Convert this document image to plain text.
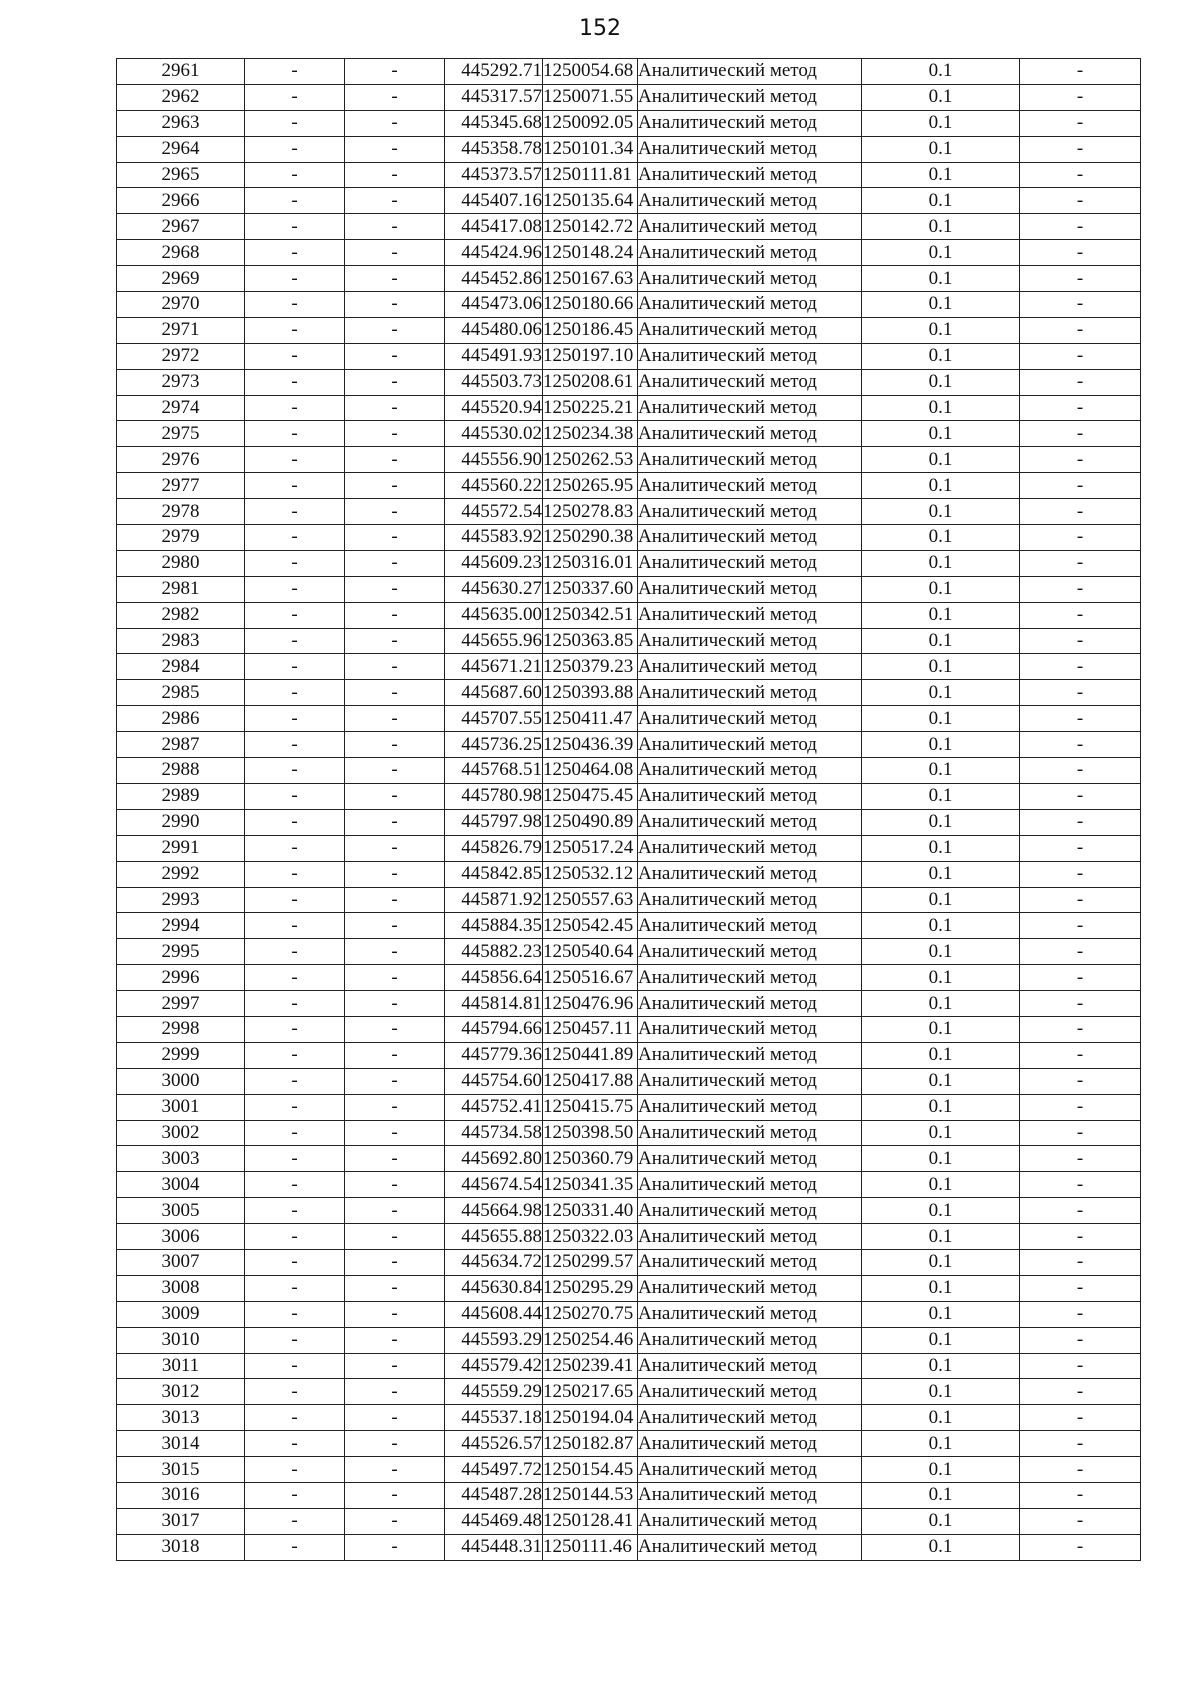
152
2961	-	-	445292.71	1250054.68	Аналитический метод	0.1	-
2962	-	-	445317.57	1250071.55	Аналитический метод	0.1	-
2963	-	-	445345.68	1250092.05	Аналитический метод	0.1	-
2964	-	-	445358.78	1250101.34	Аналитический метод	0.1	-
2965	-	-	445373.57	1250111.81	Аналитический метод	0.1	-
2966	-	-	445407.16	1250135.64	Аналитический метод	0.1	-
2967	-	-	445417.08	1250142.72	Аналитический метод	0.1	-
2968	-	-	445424.96	1250148.24	Аналитический метод	0.1	-
2969	-	-	445452.86	1250167.63	Аналитический метод	0.1	-
2970	-	-	445473.06	1250180.66	Аналитический метод	0.1	-
2971	-	-	445480.06	1250186.45	Аналитический метод	0.1	-
2972	-	-	445491.93	1250197.10	Аналитический метод	0.1	-
2973	-	-	445503.73	1250208.61	Аналитический метод	0.1	-
2974	-	-	445520.94	1250225.21	Аналитический метод	0.1	-
2975	-	-	445530.02	1250234.38	Аналитический метод	0.1	-
2976	-	-	445556.90	1250262.53	Аналитический метод	0.1	-
2977	-	-	445560.22	1250265.95	Аналитический метод	0.1	-
2978	-	-	445572.54	1250278.83	Аналитический метод	0.1	-
2979	-	-	445583.92	1250290.38	Аналитический метод	0.1	-
2980	-	-	445609.23	1250316.01	Аналитический метод	0.1	-
2981	-	-	445630.27	1250337.60	Аналитический метод	0.1	-
2982	-	-	445635.00	1250342.51	Аналитический метод	0.1	-
2983	-	-	445655.96	1250363.85	Аналитический метод	0.1	-
2984	-	-	445671.21	1250379.23	Аналитический метод	0.1	-
2985	-	-	445687.60	1250393.88	Аналитический метод	0.1	-
2986	-	-	445707.55	1250411.47	Аналитический метод	0.1	-
2987	-	-	445736.25	1250436.39	Аналитический метод	0.1	-
2988	-	-	445768.51	1250464.08	Аналитический метод	0.1	-
2989	-	-	445780.98	1250475.45	Аналитический метод	0.1	-
2990	-	-	445797.98	1250490.89	Аналитический метод	0.1	-
2991	-	-	445826.79	1250517.24	Аналитический метод	0.1	-
2992	-	-	445842.85	1250532.12	Аналитический метод	0.1	-
2993	-	-	445871.92	1250557.63	Аналитический метод	0.1	-
2994	-	-	445884.35	1250542.45	Аналитический метод	0.1	-
2995	-	-	445882.23	1250540.64	Аналитический метод	0.1	-
2996	-	-	445856.64	1250516.67	Аналитический метод	0.1	-
2997	-	-	445814.81	1250476.96	Аналитический метод	0.1	-
2998	-	-	445794.66	1250457.11	Аналитический метод	0.1	-
2999	-	-	445779.36	1250441.89	Аналитический метод	0.1	-
3000	-	-	445754.60	1250417.88	Аналитический метод	0.1	-
3001	-	-	445752.41	1250415.75	Аналитический метод	0.1	-
3002	-	-	445734.58	1250398.50	Аналитический метод	0.1	-
3003	-	-	445692.80	1250360.79	Аналитический метод	0.1	-
3004	-	-	445674.54	1250341.35	Аналитический метод	0.1	-
3005	-	-	445664.98	1250331.40	Аналитический метод	0.1	-
3006	-	-	445655.88	1250322.03	Аналитический метод	0.1	-
3007	-	-	445634.72	1250299.57	Аналитический метод	0.1	-
3008	-	-	445630.84	1250295.29	Аналитический метод	0.1	-
3009	-	-	445608.44	1250270.75	Аналитический метод	0.1	-
3010	-	-	445593.29	1250254.46	Аналитический метод	0.1	-
3011	-	-	445579.42	1250239.41	Аналитический метод	0.1	-
3012	-	-	445559.29	1250217.65	Аналитический метод	0.1	-
3013	-	-	445537.18	1250194.04	Аналитический метод	0.1	-
3014	-	-	445526.57	1250182.87	Аналитический метод	0.1	-
3015	-	-	445497.72	1250154.45	Аналитический метод	0.1	-
3016	-	-	445487.28	1250144.53	Аналитический метод	0.1	-
3017	-	-	445469.48	1250128.41	Аналитический метод	0.1	-
3018	-	-	445448.31	1250111.46	Аналитический метод	0.1	-
